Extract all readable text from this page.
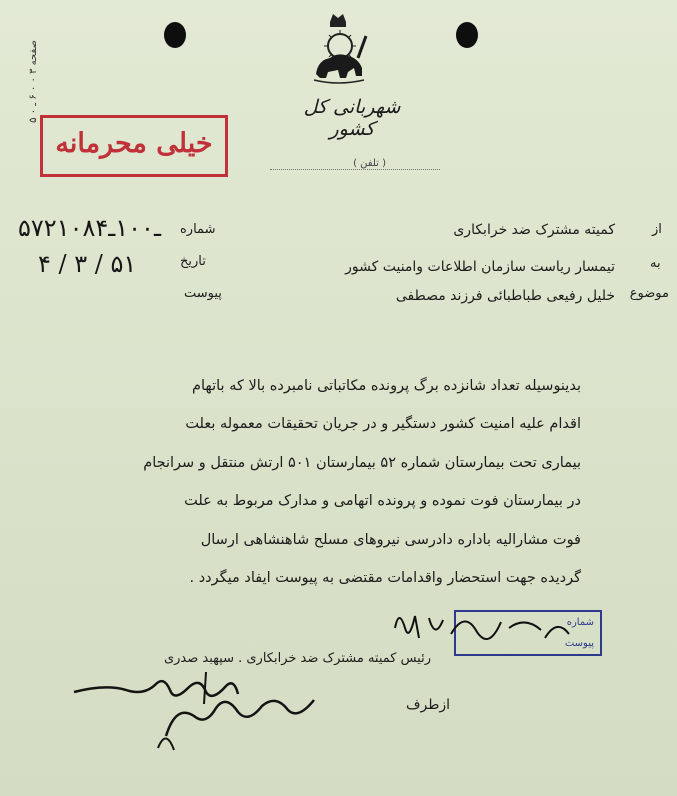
صفحه ۳ ۰ ۰ ۶ ـ ۰ ۵
شهربانی کل کشور
( تلفن )
خیلی محرمانه
شماره
۵۷ـ۱۰۰ـ۲۱۰۸۴
تاریخ
۴ / ۳ / ۵۱
پیوست
از
کمیته مشترک ضد خرابکاری
به
تیمسار ریاست سازمان اطلاعات وامنیت کشور
موضوع
خلیل رفیعی طباطبائی فرزند مصطفی
بدینوسیله تعداد شانزده برگ پرونده مکاتباتی نامبرده بالا که باتهام
اقدام علیه امنیت کشور دستگیر و در جریان تحقیقات معموله بعلت
بیماری تحت بیمارستان شماره ۵۲ بیمارستان ۵۰۱ ارتش منتقل و سرانجام
در بیمارستان فوت نموده و پرونده اتهامی و مدارک مربوط به علت
فوت مشارالیه باداره دادرسی نیروهای مسلح شاهنشاهی ارسال
گردیده جهت استحضار واقدامات مقتضی به پیوست ایفاد میگردد .
شماره
پیوست
رئیس کمیته مشترک ضد خرابکاری . سپهبد صدری
ازطرف
